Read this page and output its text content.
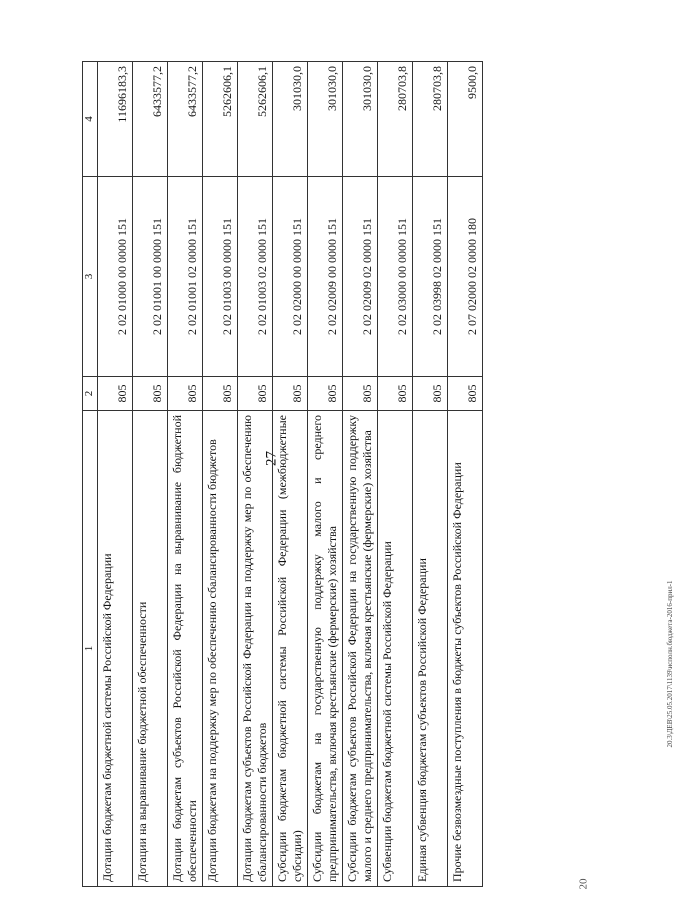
27
20.3\ДЕВ\25.05.2017\1139\исполн.бюджета-2016-прил-1
20
1	2	3	4
Дотации бюджетам бюджетной системы Российской Федерации	805	2 02 01000 00 0000 151	11696183,3
Дотации на выравнивание бюджетной обеспеченности	805	2 02 01001 00 0000 151	6433577,2
Дотации бюджетам субъектов Российской Федерации на выравнивание бюджетной обеспеченности	805	2 02 01001 02 0000 151	6433577,2
Дотации бюджетам на поддержку мер по обеспечению сбалансированности бюджетов	805	2 02 01003 00 0000 151	5262606,1
Дотации бюджетам субъектов Российской Федерации на поддержку мер по обеспечению сбалансированности бюджетов	805	2 02 01003 02 0000 151	5262606,1
Субсидии бюджетам бюджетной системы Российской Федерации (межбюджетные субсидии)	805	2 02 02000 00 0000 151	301030,0
Субсидии бюджетам на государственную поддержку малого и среднего предпринимательства, включая крестьянские (фермерские) хозяйства	805	2 02 02009 00 0000 151	301030,0
Субсидии бюджетам субъектов Российской Федерации на государственную поддержку малого и среднего предпринимательства, включая крестьянские (фермерские) хозяйства	805	2 02 02009 02 0000 151	301030,0
Субвенции бюджетам бюджетной системы Российской Федерации	805	2 02 03000 00 0000 151	280703,8
Единая субвенция бюджетам субъектов Российской Федерации	805	2 02 03998 02 0000 151	280703,8
Прочие безвозмездные поступления в бюджеты субъектов Российской Федерации	805	2 07 02000 02 0000 180	9500,0
